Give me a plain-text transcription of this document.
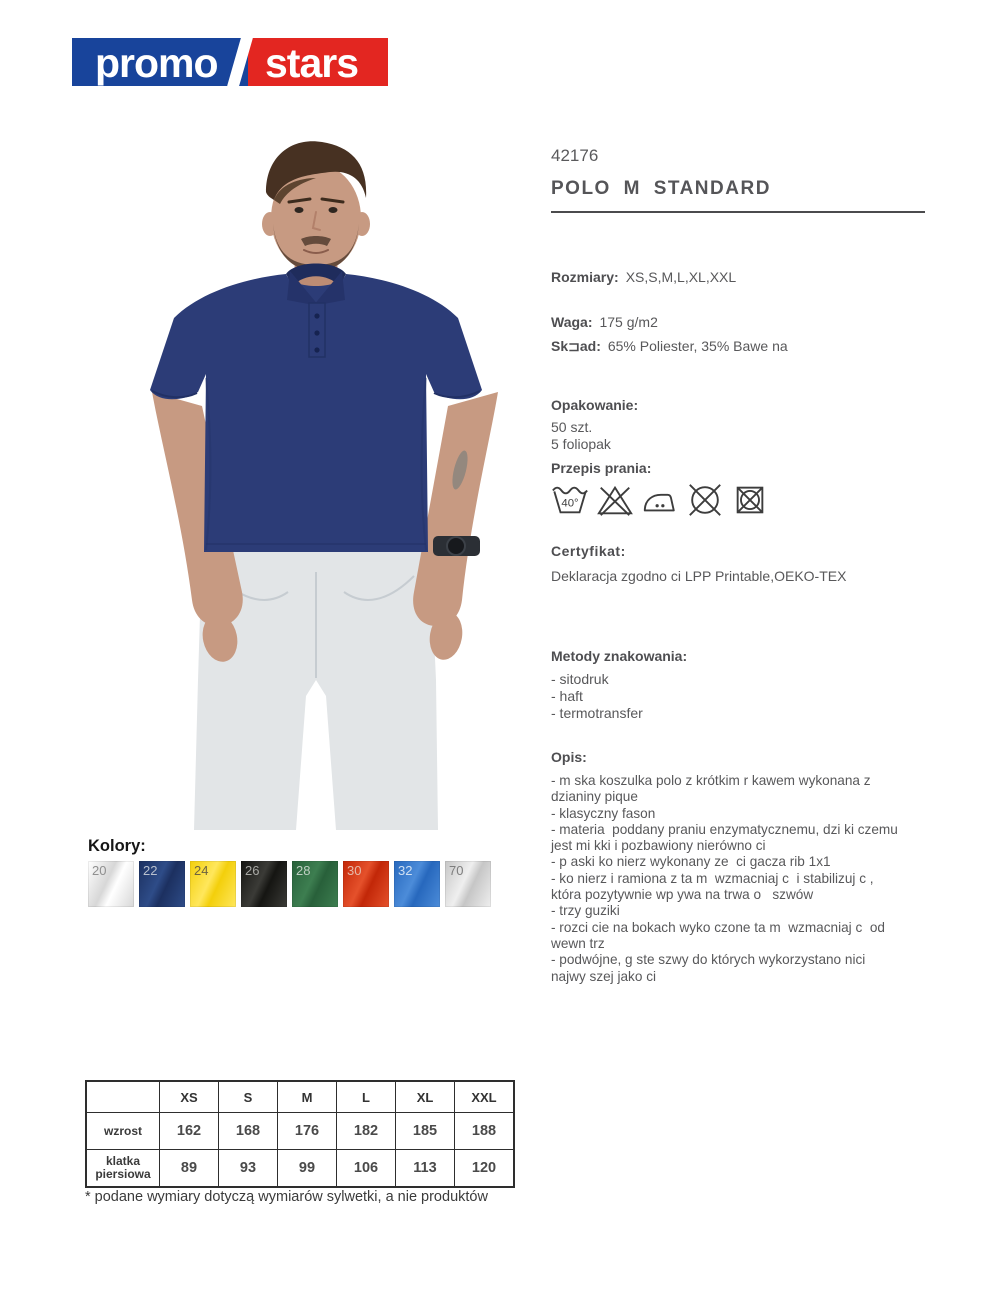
promo	stars
42176
POLO M STANDARD
Rozmiary: XS,S,M,L,XL,XXL
Waga: 175 g/m2
Sk⊐ad: 65% Poliester, 35% Bawe na
Opakowanie:
50 szt.
5 foliopak
Przepis prania:
40°
Certyfikat:
Deklaracja zgodno ci LPP Printable,OEKO-TEX
Metody znakowania:
- sitodruk
- haft
- termotransfer
Opis:
- m ska koszulka polo z krótkim r kawem wykonana z
dzianiny pique
- klasyczny fason
- materia  poddany praniu enzymatycznemu, dzi ki czemu
jest mi kki i pozbawiony nierówno ci
- p aski ko nierz wykonany ze  ci gacza rib 1x1
- ko nierz i ramiona z ta m  wzmacniaj c  i stabilizuj c ,
która pozytywnie wp ywa na trwa o   szwów
- trzy guziki
- rozci cie na bokach wyko czone ta m  wzmacniaj c  od
wewn trz
- podwójne, g ste szwy do których wykorzystano nici
najwy szej jako ci
Kolory:
20	22	24	26	28	30	32	70
	XS	S	M	L	XL	XXL
wzrost	162	168	176	182	185	188
klatka piersiowa	89	93	99	106	113	120
* podane wymiary dotyczą wymiarów sylwetki, a nie produktów
